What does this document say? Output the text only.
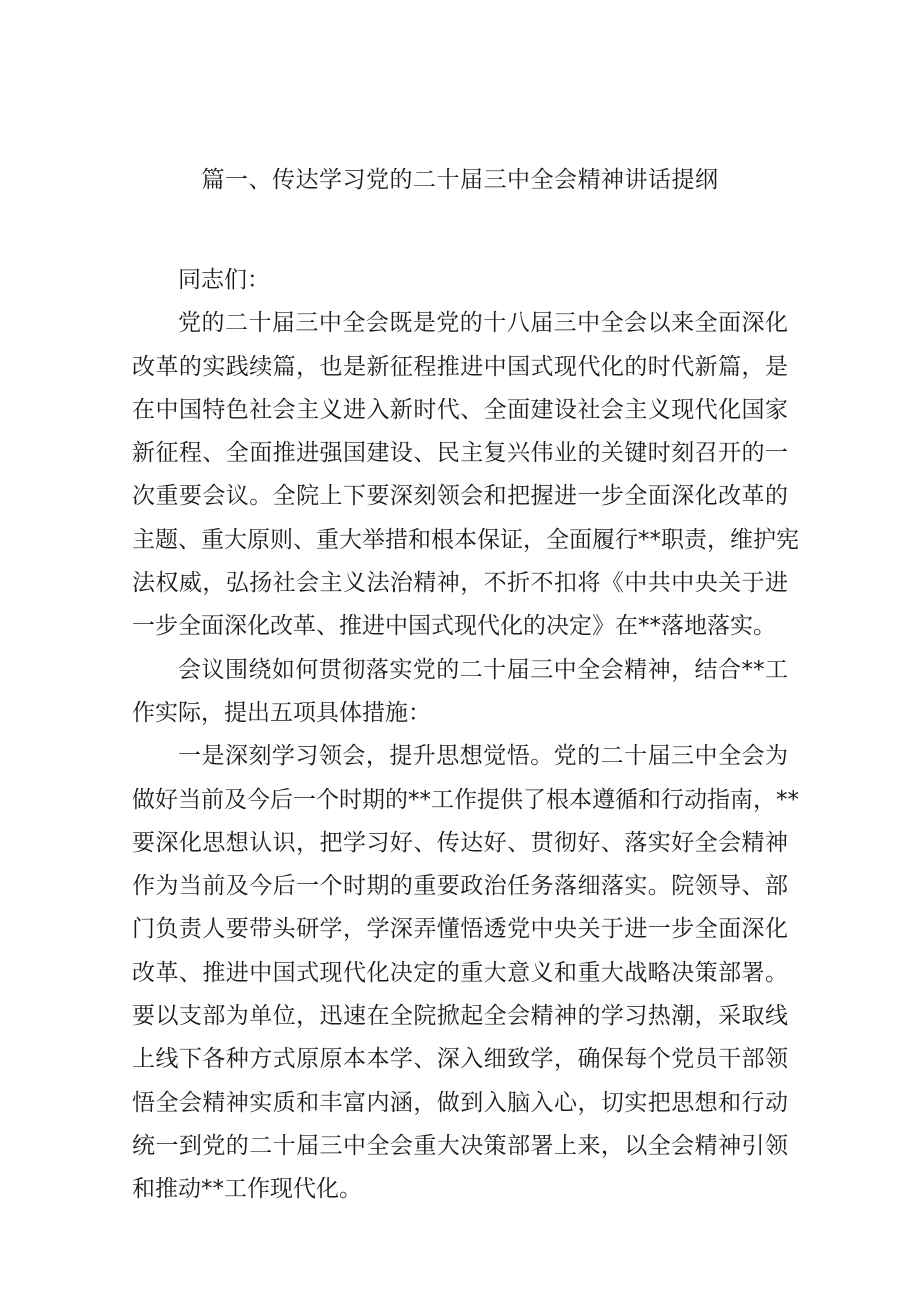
篇一、传达学习党的二十届三中全会精神讲话提纲
同志们：
党的二十届三中全会既是党的十八届三中全会以来全面深化
改革的实践续篇，也是新征程推进中国式现代化的时代新篇，是
在中国特色社会主义进入新时代、全面建设社会主义现代化国家
新征程、全面推进强国建设、民主复兴伟业的关键时刻召开的一
次重要会议。全院上下要深刻领会和把握进一步全面深化改革的
主题、重大原则、重大举措和根本保证，全面履行**职责，维护宪
法权威，弘扬社会主义法治精神，不折不扣将《中共中央关于进
一步全面深化改革、推进中国式现代化的决定》在**落地落实。
会议围绕如何贯彻落实党的二十届三中全会精神，结合**工
作实际，提出五项具体措施：
一是深刻学习领会，提升思想觉悟。党的二十届三中全会为
做好当前及今后一个时期的**工作提供了根本遵循和行动指南，**
要深化思想认识，把学习好、传达好、贯彻好、落实好全会精神
作为当前及今后一个时期的重要政治任务落细落实。院领导、部
门负责人要带头研学，学深弄懂悟透党中央关于进一步全面深化
改革、推进中国式现代化决定的重大意义和重大战略决策部署。
要以支部为单位，迅速在全院掀起全会精神的学习热潮，采取线
上线下各种方式原原本本学、深入细致学，确保每个党员干部领
悟全会精神实质和丰富内涵，做到入脑入心，切实把思想和行动
统一到党的二十届三中全会重大决策部署上来，以全会精神引领
和推动**工作现代化。
